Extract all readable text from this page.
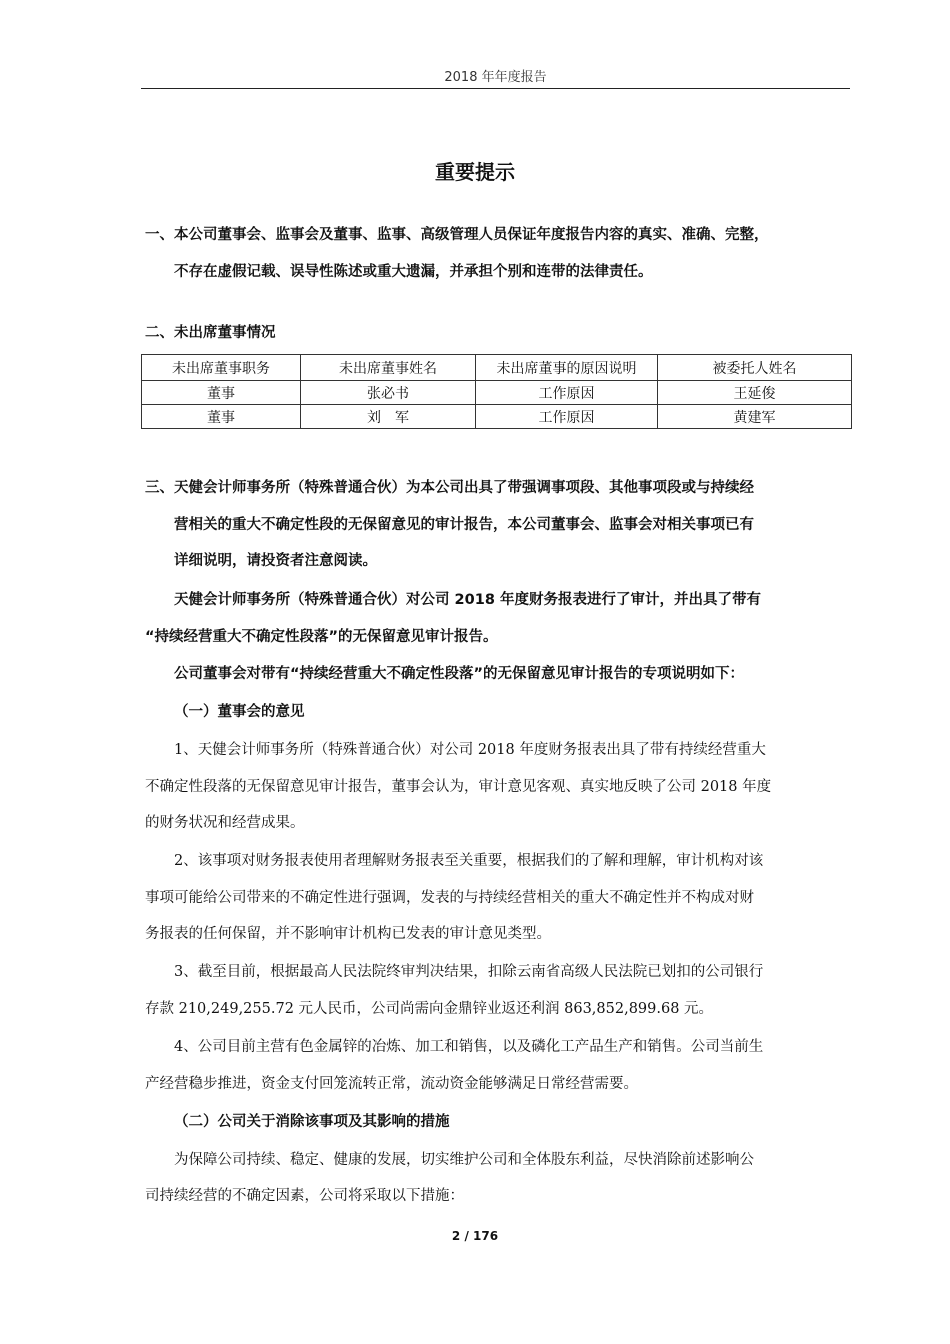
2018 年年度报告
重要提示
一、本公司董事会、监事会及董事、监事、高级管理人员保证年度报告内容的真实、准确、完整，
不存在虚假记载、误导性陈述或重大遗漏，并承担个别和连带的法律责任。
二、未出席董事情况
未出席董事职务	未出席董事姓名	未出席董事的原因说明	被委托人姓名
董事	张必书	工作原因	王延俊
董事	刘　军	工作原因	黄建军
三、天健会计师事务所（特殊普通合伙）为本公司出具了带强调事项段、其他事项段或与持续经
营相关的重大不确定性段的无保留意见的审计报告，本公司董事会、监事会对相关事项已有
详细说明，请投资者注意阅读。
天健会计师事务所（特殊普通合伙）对公司 2018 年度财务报表进行了审计，并出具了带有
“持续经营重大不确定性段落”的无保留意见审计报告。
公司董事会对带有“持续经营重大不确定性段落”的无保留意见审计报告的专项说明如下：
（一）董事会的意见
1、天健会计师事务所（特殊普通合伙）对公司 2018 年度财务报表出具了带有持续经营重大
不确定性段落的无保留意见审计报告，董事会认为，审计意见客观、真实地反映了公司 2018 年度
的财务状况和经营成果。
2、该事项对财务报表使用者理解财务报表至关重要，根据我们的了解和理解，审计机构对该
事项可能给公司带来的不确定性进行强调，发表的与持续经营相关的重大不确定性并不构成对财
务报表的任何保留，并不影响审计机构已发表的审计意见类型。
3、截至目前，根据最高人民法院终审判决结果，扣除云南省高级人民法院已划扣的公司银行
存款 210,249,255.72 元人民币，公司尚需向金鼎锌业返还利润 863,852,899.68 元。
4、公司目前主营有色金属锌的冶炼、加工和销售，以及磷化工产品生产和销售。公司当前生
产经营稳步推进，资金支付回笼流转正常，流动资金能够满足日常经营需要。
（二）公司关于消除该事项及其影响的措施
为保障公司持续、稳定、健康的发展，切实维护公司和全体股东利益，尽快消除前述影响公
司持续经营的不确定因素，公司将采取以下措施：
2 / 176
